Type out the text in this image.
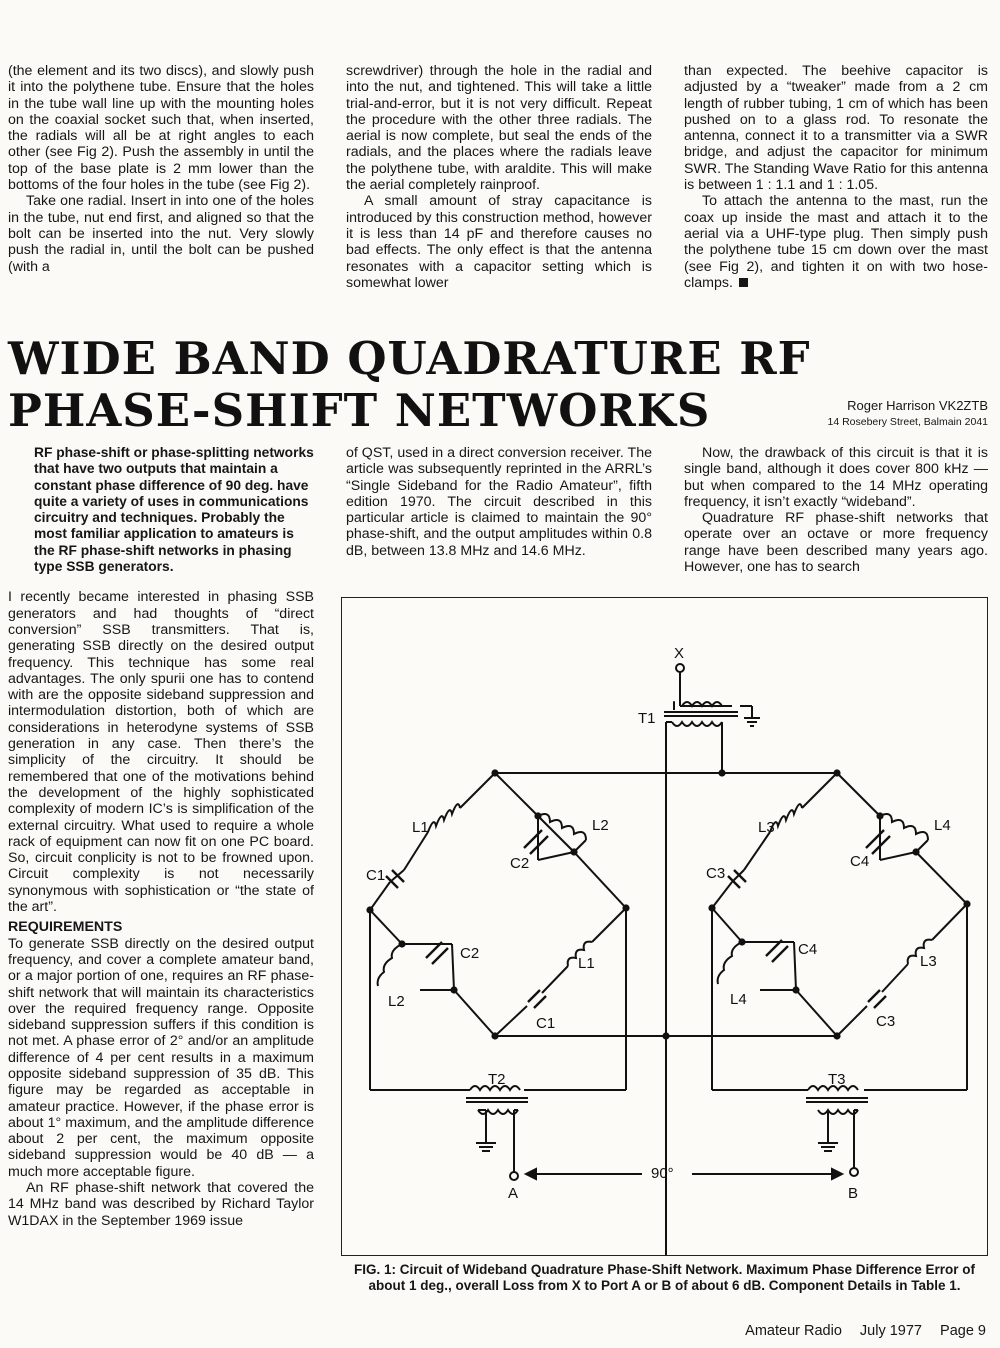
(the element and its two discs), and slowly push it into the polythene tube. Ensure that the holes in the tube wall line up with the mounting holes on the coaxial socket such that, when inserted, the radials will all be at right angles to each other (see Fig 2). Push the assembly in until the top of the base plate is 2 mm lower than the bottoms of the four holes in the tube (see Fig 2).

Take one radial. Insert in into one of the holes in the tube, nut end first, and aligned so that the bolt can be inserted into the nut. Very slowly push the radial in, until the bolt can be pushed (with a

screwdriver) through the hole in the radial and into the nut, and tightened. This will take a little trial-and-error, but it is not very difficult. Repeat the procedure with the other three radials. The aerial is now complete, but seal the ends of the radials, and the places where the radials leave the polythene tube, with araldite. This will make the aerial completely rainproof.

A small amount of stray capacitance is introduced by this construction method, however it is less than 14 pF and therefore causes no bad effects. The only effect is that the antenna resonates with a capacitor setting which is somewhat lower

than expected. The beehive capacitor is adjusted by a “tweaker” made from a 2 cm length of rubber tubing, 1 cm of which has been pushed on to a glass rod. To resonate the antenna, connect it to a transmitter via a SWR bridge, and adjust the capacitor for minimum SWR. The Standing Wave Ratio for this antenna is between 1 : 1.1 and 1 : 1.05.

To attach the antenna to the mast, run the coax up inside the mast and attach it to the aerial via a UHF-type plug. Then simply push the polythene tube 15 cm down over the mast (see Fig 2), and tighten it on with two hose-clamps.

WIDE BAND QUADRATURE RF
PHASE-SHIFT NETWORKS	Roger Harrison VK2ZTB
14 Rosebery Street, Balmain 2041

RF phase-shift or phase-splitting networks that have two outputs that maintain a constant phase difference of 90 deg. have quite a variety of uses in communications circuitry and techniques. Probably the most familiar application to amateurs is the RF phase-shift networks in phasing type SSB generators.

I recently became interested in phasing SSB generators and had thoughts of “direct conversion” SSB transmitters. That is, generating SSB directly on the desired output frequency. This technique has some real advantages. The only spurii one has to contend with are the opposite sideband suppression and intermodulation distortion, both of which are considerations in heterodyne systems of SSB generation in any case. Then there’s the simplicity of the circuitry. It should be remembered that one of the motivations behind the development of the highly sophisticated complexity of modern IC’s is simplification of the external circuitry. What used to require a whole rack of equipment can now fit on one PC board. So, circuit conplicity is not to be frowned upon. Circuit complexity is not necessarily synonymous with sophistication or “the state of the art”.

REQUIREMENTS

To generate SSB directly on the desired output frequency, and cover a complete amateur band, or a major portion of one, requires an RF phase-shift network that will maintain its characteristics over the required frequency range. Opposite sideband suppression suffers if this condition is not met. A phase error of 2° and/or an amplitude difference of 4 per cent results in a maximum opposite sideband suppression of 35 dB. This figure may be regarded as acceptable in amateur practice. However, if the phase error is about 1° maximum, and the amplitude difference about 2 per cent, the maximum opposite sideband suppression would be 40 dB — a much more acceptable figure.

An RF phase-shift network that covered the 14 MHz band was described by Richard Taylor W1DAX in the September 1969 issue

of QST, used in a direct conversion receiver. The article was subsequently reprinted in the ARRL’s “Single Sideband for the Radio Amateur”, fifth edition 1970. The circuit described in this particular article is claimed to maintain the 90° phase-shift, and the output amplitudes within 0.8 dB, between 13.8 MHz and 14.6 MHz.

Now, the drawback of this circuit is that it is single band, although it does cover 800 kHz — but when compared to the 14 MHz operating frequency, it isn’t exactly “wideband”.

Quadrature RF phase-shift networks that operate over an octave or more frequency range have been described many years ago. However, one has to search

X
T1
L1	L2
C2
C1
C2
L2
L1
C1
L3	L4
C4
C3
C4
L4
L3
C3
T2	T3
A	B
90°
FIG. 1: Circuit of Wideband Quadrature Phase-Shift Network. Maximum Phase Difference Error of about 1 deg., overall Loss from X to Port A or B of about 6 dB. Component Details in Table 1.
Amateur Radio July 1977 Page 9
